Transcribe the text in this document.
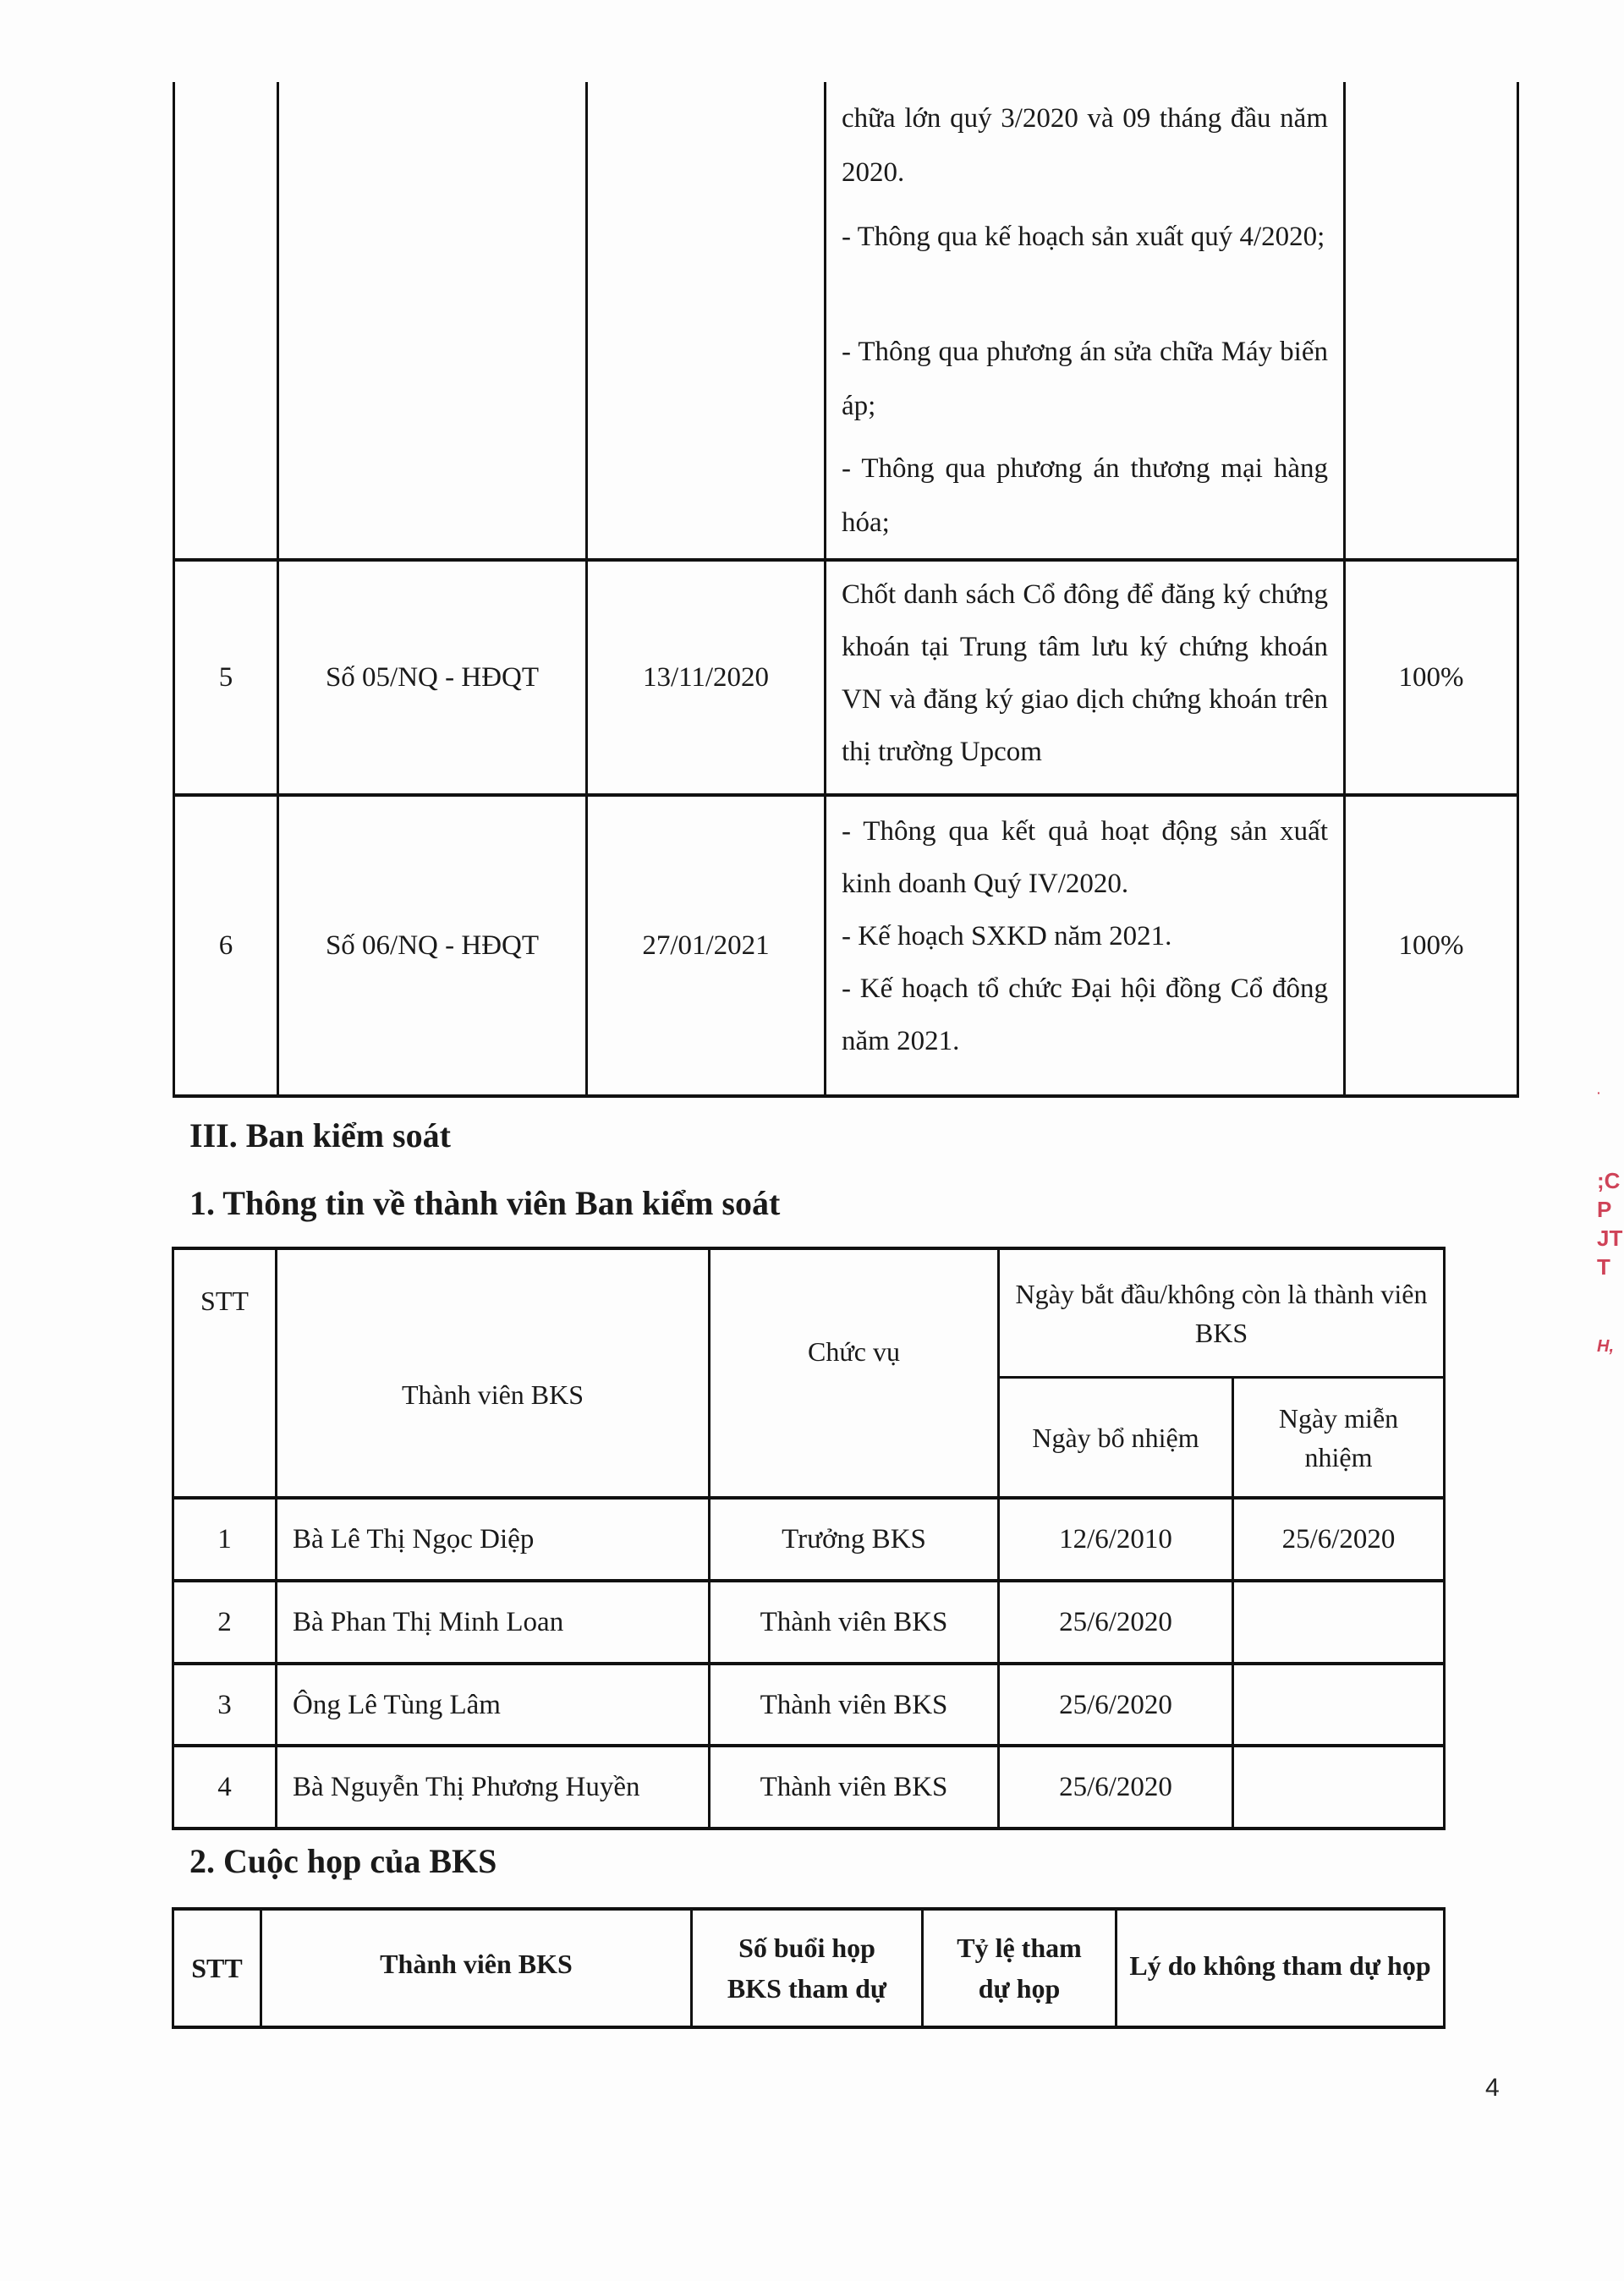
5	Số 05/NQ - HĐQT	13/11/2020

Chốt danh sách Cổ đông để đăng ký chứng khoán tại Trung tâm lưu ký chứng khoán VN và đăng ký giao dịch chứng khoán trên thị trường Upcom

100%
6	Số 06/NQ - HĐQT	27/01/2021

- Thông qua kết quả hoạt động sản xuất kinh doanh Quý IV/2020.

- Kế hoạch SXKD năm 2021.

- Kế hoạch tổ chức Đại hội đồng Cổ đông năm 2021.

100%
chữa lớn quý 3/2020 và 09 tháng đầu năm 2020.
- Thông qua kế hoạch sản xuất quý 4/2020;
- Thông qua phương án sửa chữa Máy biến áp;
- Thông qua phương án thương mại hàng hóa;
III. Ban kiểm soát
1. Thông tin về thành viên Ban kiểm soát
STT
Thành viên BKS
Chức vụ
Ngày bắt đầu/không còn là thành viên BKS
Ngày bổ nhiệm
Ngày miễn nhiệm
1	Bà Lê Thị Ngọc Diệp	Trưởng BKS	12/6/2010	25/6/2020
2	Bà Phan Thị Minh Loan	Thành viên BKS	25/6/2020
3	Ông Lê Tùng Lâm	Thành viên BKS	25/6/2020
4	Bà Nguyễn Thị Phương Huyền	Thành viên BKS	25/6/2020
2. Cuộc họp của BKS
STT	Thành viên BKS
Số buổi họp BKS tham dự
Tỷ lệ tham dự họp
Lý do không tham dự họp
4
·
;C
P
JT
T
H,
